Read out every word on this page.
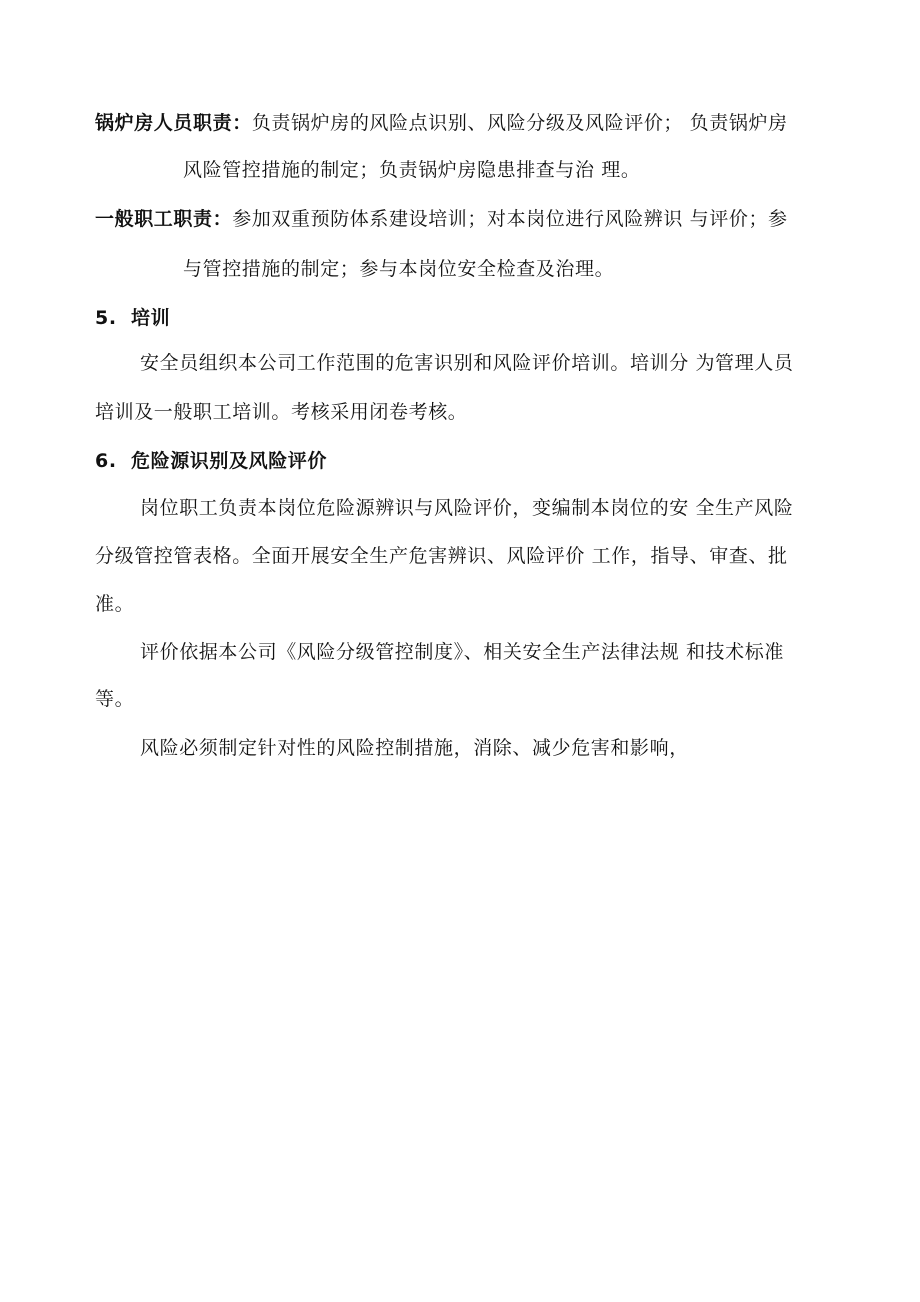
锅炉房人员职责：负责锅炉房的风险点识别、风险分级及风险评价； 负责锅炉房
风险管控措施的制定；负责锅炉房隐患排查与治 理。
一般职工职责：参加双重预防体系建设培训；对本岗位进行风险辨识 与评价；参
与管控措施的制定；参与本岗位安全检查及治理。
5. 培训
安全员组织本公司工作范围的危害识别和风险评价培训。培训分 为管理人员
培训及一般职工培训。考核采用闭卷考核。
6. 危险源识别及风险评价
岗位职工负责本岗位危险源辨识与风险评价，变编制本岗位的安 全生产风险
分级管控管表格。全面开展安全生产危害辨识、风险评价 工作，指导、审查、批
准。
评价依据本公司《风险分级管控制度》、相关安全生产法律法规 和技术标准
等。
风险必须制定针对性的风险控制措施，消除、减少危害和影响，
